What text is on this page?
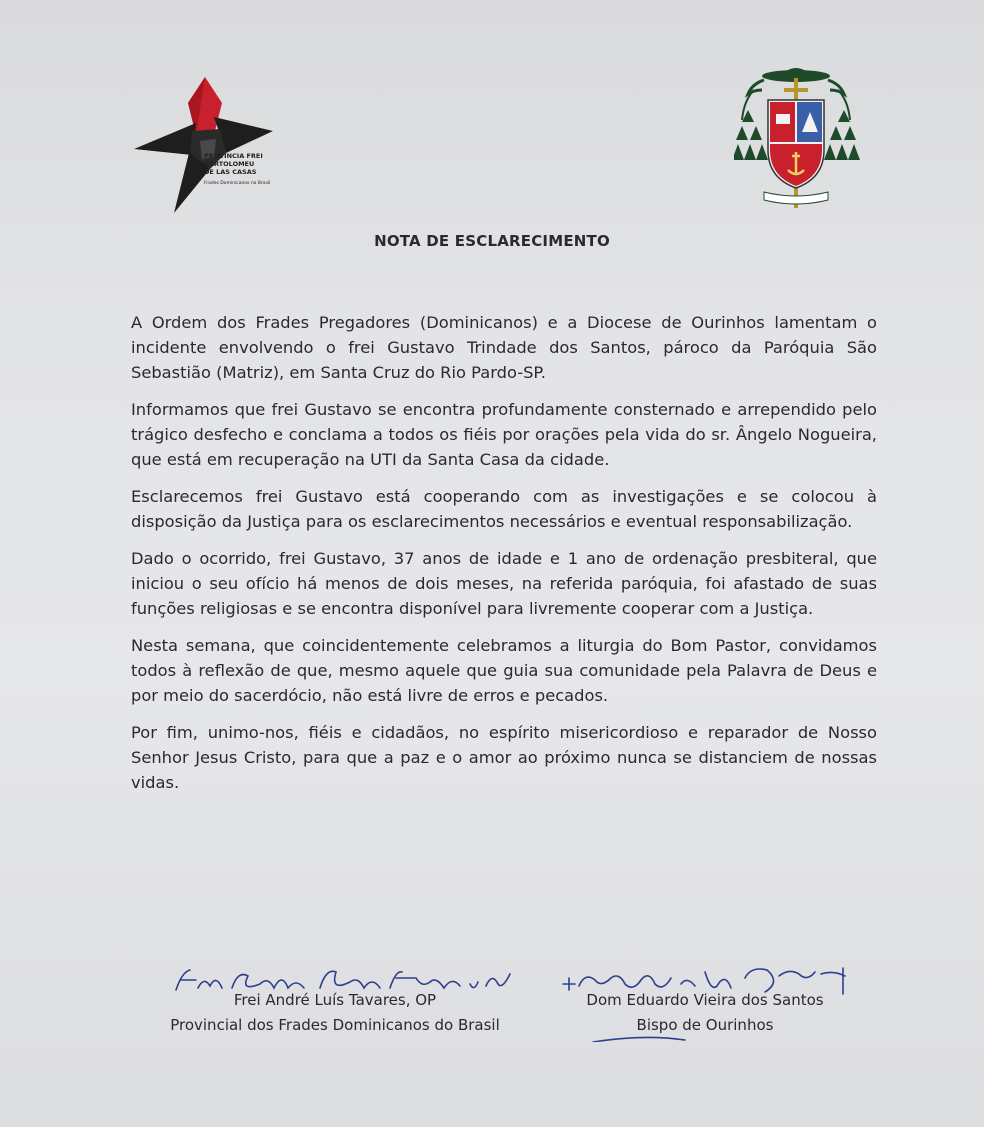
PROVÍNCIA FREI
BARTOLOMEU
DE LAS CASAS
Frades Dominicanos no Brasil
NOTA DE ESCLARECIMENTO

A Ordem dos Frades Pregadores (Dominicanos) e a Diocese de Ourinhos lamentam o incidente envolvendo o frei Gustavo Trindade dos Santos, pároco da Paróquia São Sebastião (Matriz), em Santa Cruz do Rio Pardo-SP.

Informamos que frei Gustavo se encontra profundamente consternado e arrependido pelo trágico desfecho e conclama a todos os fiéis por orações pela vida do sr. Ângelo Nogueira, que está em recuperação na UTI da Santa Casa da cidade.

Esclarecemos frei Gustavo está cooperando com as investigações e se colocou à disposição da Justiça para os esclarecimentos necessários e eventual responsabilização.

Dado o ocorrido, frei Gustavo, 37 anos de idade e 1 ano de ordenação presbiteral, que iniciou o seu ofício há menos de dois meses, na referida paróquia, foi afastado de suas funções religiosas e se encontra disponível para livremente cooperar com a Justiça.

Nesta semana, que coincidentemente celebramos a liturgia do Bom Pastor, convidamos todos à reflexão de que, mesmo aquele que guia sua comunidade pela Palavra de Deus e por meio do sacerdócio, não está livre de erros e pecados.

Por fim, unimo-nos, fiéis e cidadãos, no espírito misericordioso e reparador de Nosso Senhor Jesus Cristo, para que a paz e o amor ao próximo nunca se distanciem de nossas vidas.

Frei André Luís Tavares, OP
Provincial dos Frades Dominicanos do Brasil
Dom Eduardo Vieira dos Santos
Bispo de Ourinhos
